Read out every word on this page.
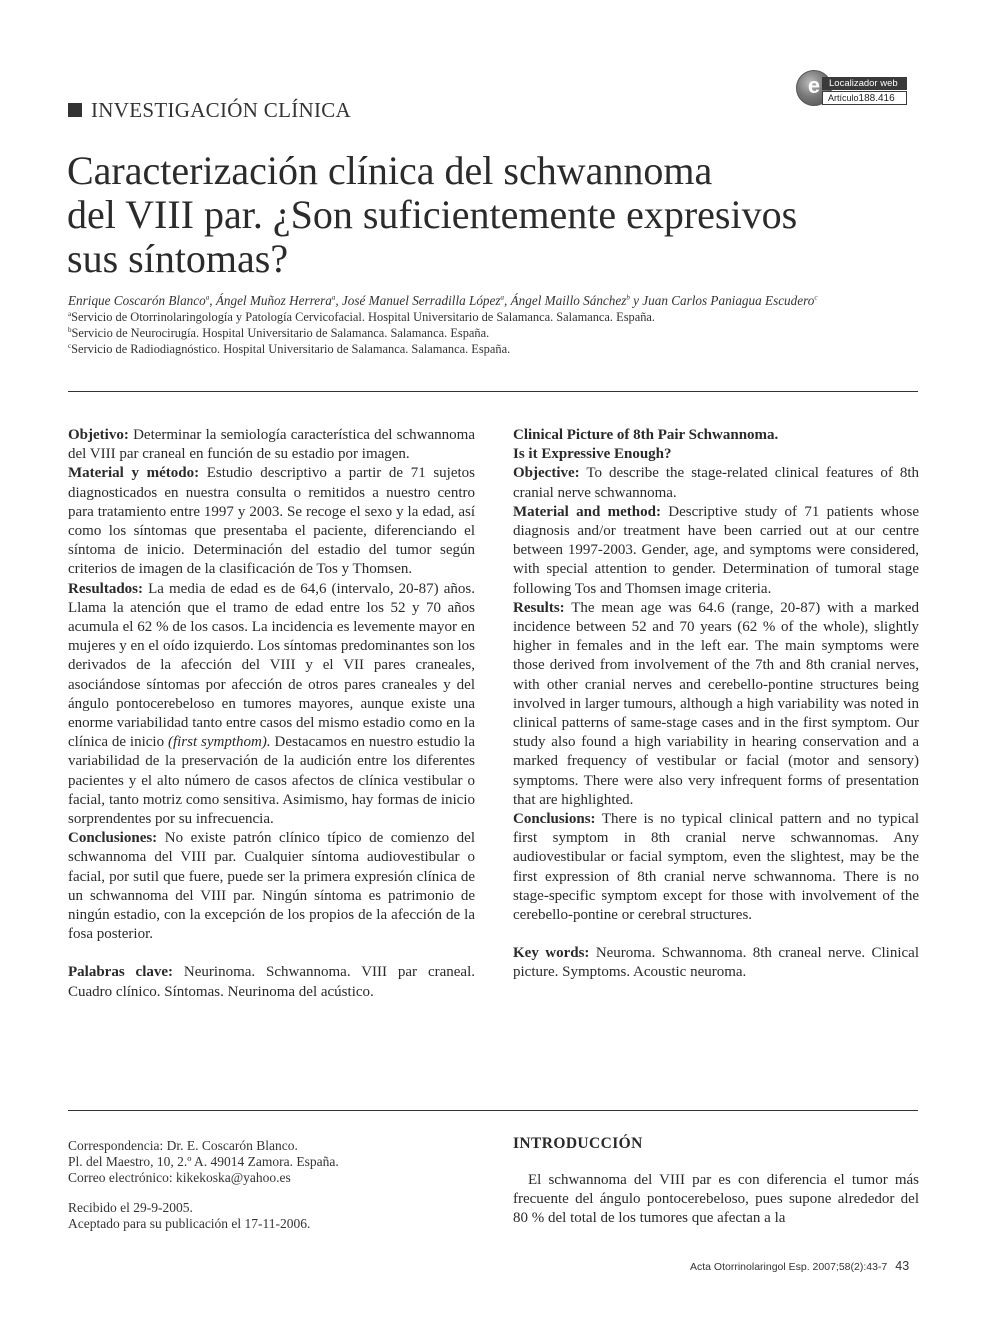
INVESTIGACIÓN CLÍNICA
e Localizador web
Artículo188.416
Caracterización clínica del schwannoma
del VIII par. ¿Son suficientemente expresivos
sus síntomas?
Enrique Coscarón Blanco$^a$, Ángel Muñoz Herrera$^a$, José Manuel Serradilla López$^a$, Ángel Maillo Sánchez$^b$ y Juan Carlos Paniagua Escudero$^c$
$^a$Servicio de Otorrinolaringología y Patología Cervicofacial. Hospital Universitario de Salamanca. Salamanca. España.
$^b$Servicio de Neurocirugía. Hospital Universitario de Salamanca. Salamanca. España.
$^c$Servicio de Radiodiagnóstico. Hospital Universitario de Salamanca. Salamanca. España.

Objetivo: Determinar la semiología característica del schwannoma del VIII par craneal en función de su estadio por imagen.

Material y método: Estudio descriptivo a partir de 71 sujetos diagnosticados en nuestra consulta o remitidos a nuestro centro para tratamiento entre 1997 y 2003. Se recoge el sexo y la edad, así como los síntomas que presentaba el paciente, diferenciando el síntoma de inicio. Determinación del estadio del tumor según criterios de imagen de la clasificación de Tos y Thomsen.

Resultados: La media de edad es de 64,6 (intervalo, 20-87) años. Llama la atención que el tramo de edad entre los 52 y 70 años acumula el 62 % de los casos. La incidencia es levemente mayor en mujeres y en el oído izquierdo. Los síntomas predominantes son los derivados de la afección del VIII y el VII pares craneales, asociándose síntomas por afección de otros pares craneales y del ángulo pontocerebeloso en tumores mayores, aunque existe una enorme variabilidad tanto entre casos del mismo estadio como en la clínica de inicio (first sympthom). Destacamos en nuestro estudio la variabilidad de la preservación de la audición entre los diferentes pacientes y el alto número de casos afectos de clínica vestibular o facial, tanto motriz como sensitiva. Asimismo, hay formas de inicio sorprendentes por su infrecuencia.

Conclusiones: No existe patrón clínico típico de comienzo del schwannoma del VIII par. Cualquier síntoma audiovestibular o facial, por sutil que fuere, puede ser la primera expresión clínica de un schwannoma del VIII par. Ningún síntoma es patrimonio de ningún estadio, con la excepción de los propios de la afección de la fosa posterior.

Palabras clave: Neurinoma. Schwannoma. VIII par craneal. Cuadro clínico. Síntomas. Neurinoma del acústico.

Clinical Picture of 8th Pair Schwannoma.

Is it Expressive Enough?

Objective: To describe the stage-related clinical features of 8th cranial nerve schwannoma.

Material and method: Descriptive study of 71 patients whose diagnosis and/or treatment have been carried out at our centre between 1997-2003. Gender, age, and symptoms were considered, with special attention to gender. Determination of tumoral stage following Tos and Thomsen image criteria.

Results: The mean age was 64.6 (range, 20-87) with a marked incidence between 52 and 70 years (62 % of the whole), slightly higher in females and in the left ear. The main symptoms were those derived from involvement of the 7th and 8th cranial nerves, with other cranial nerves and cerebello-pontine structures being involved in larger tumours, although a high variability was noted in clinical patterns of same-stage cases and in the first symptom. Our study also found a high variability in hearing conservation and a marked frequency of vestibular or facial (motor and sensory) symptoms. There were also very infrequent forms of presentation that are highlighted.

Conclusions: There is no typical clinical pattern and no typical first symptom in 8th cranial nerve schwannomas. Any audiovestibular or facial symptom, even the slightest, may be the first expression of 8th cranial nerve schwannoma. There is no stage-specific symptom except for those with involvement of the cerebello-pontine or cerebral structures.

Key words: Neuroma. Schwannoma. 8th craneal nerve. Clinical picture. Symptoms. Acoustic neuroma.

Correspondencia: Dr. E. Coscarón Blanco.

Pl. del Maestro, 10, 2.º A. 49014 Zamora. España.

Correo electrónico: kikekoska@yahoo.es

Recibido el 29-9-2005.

Aceptado para su publicación el 17-11-2006.

INTRODUCCIÓN

El schwannoma del VIII par es con diferencia el tumor más frecuente del ángulo pontocerebeloso, pues supone alrededor del 80 % del total de los tumores que afectan a la

Acta Otorrinolaringol Esp. 2007;58(2):43-7 43
